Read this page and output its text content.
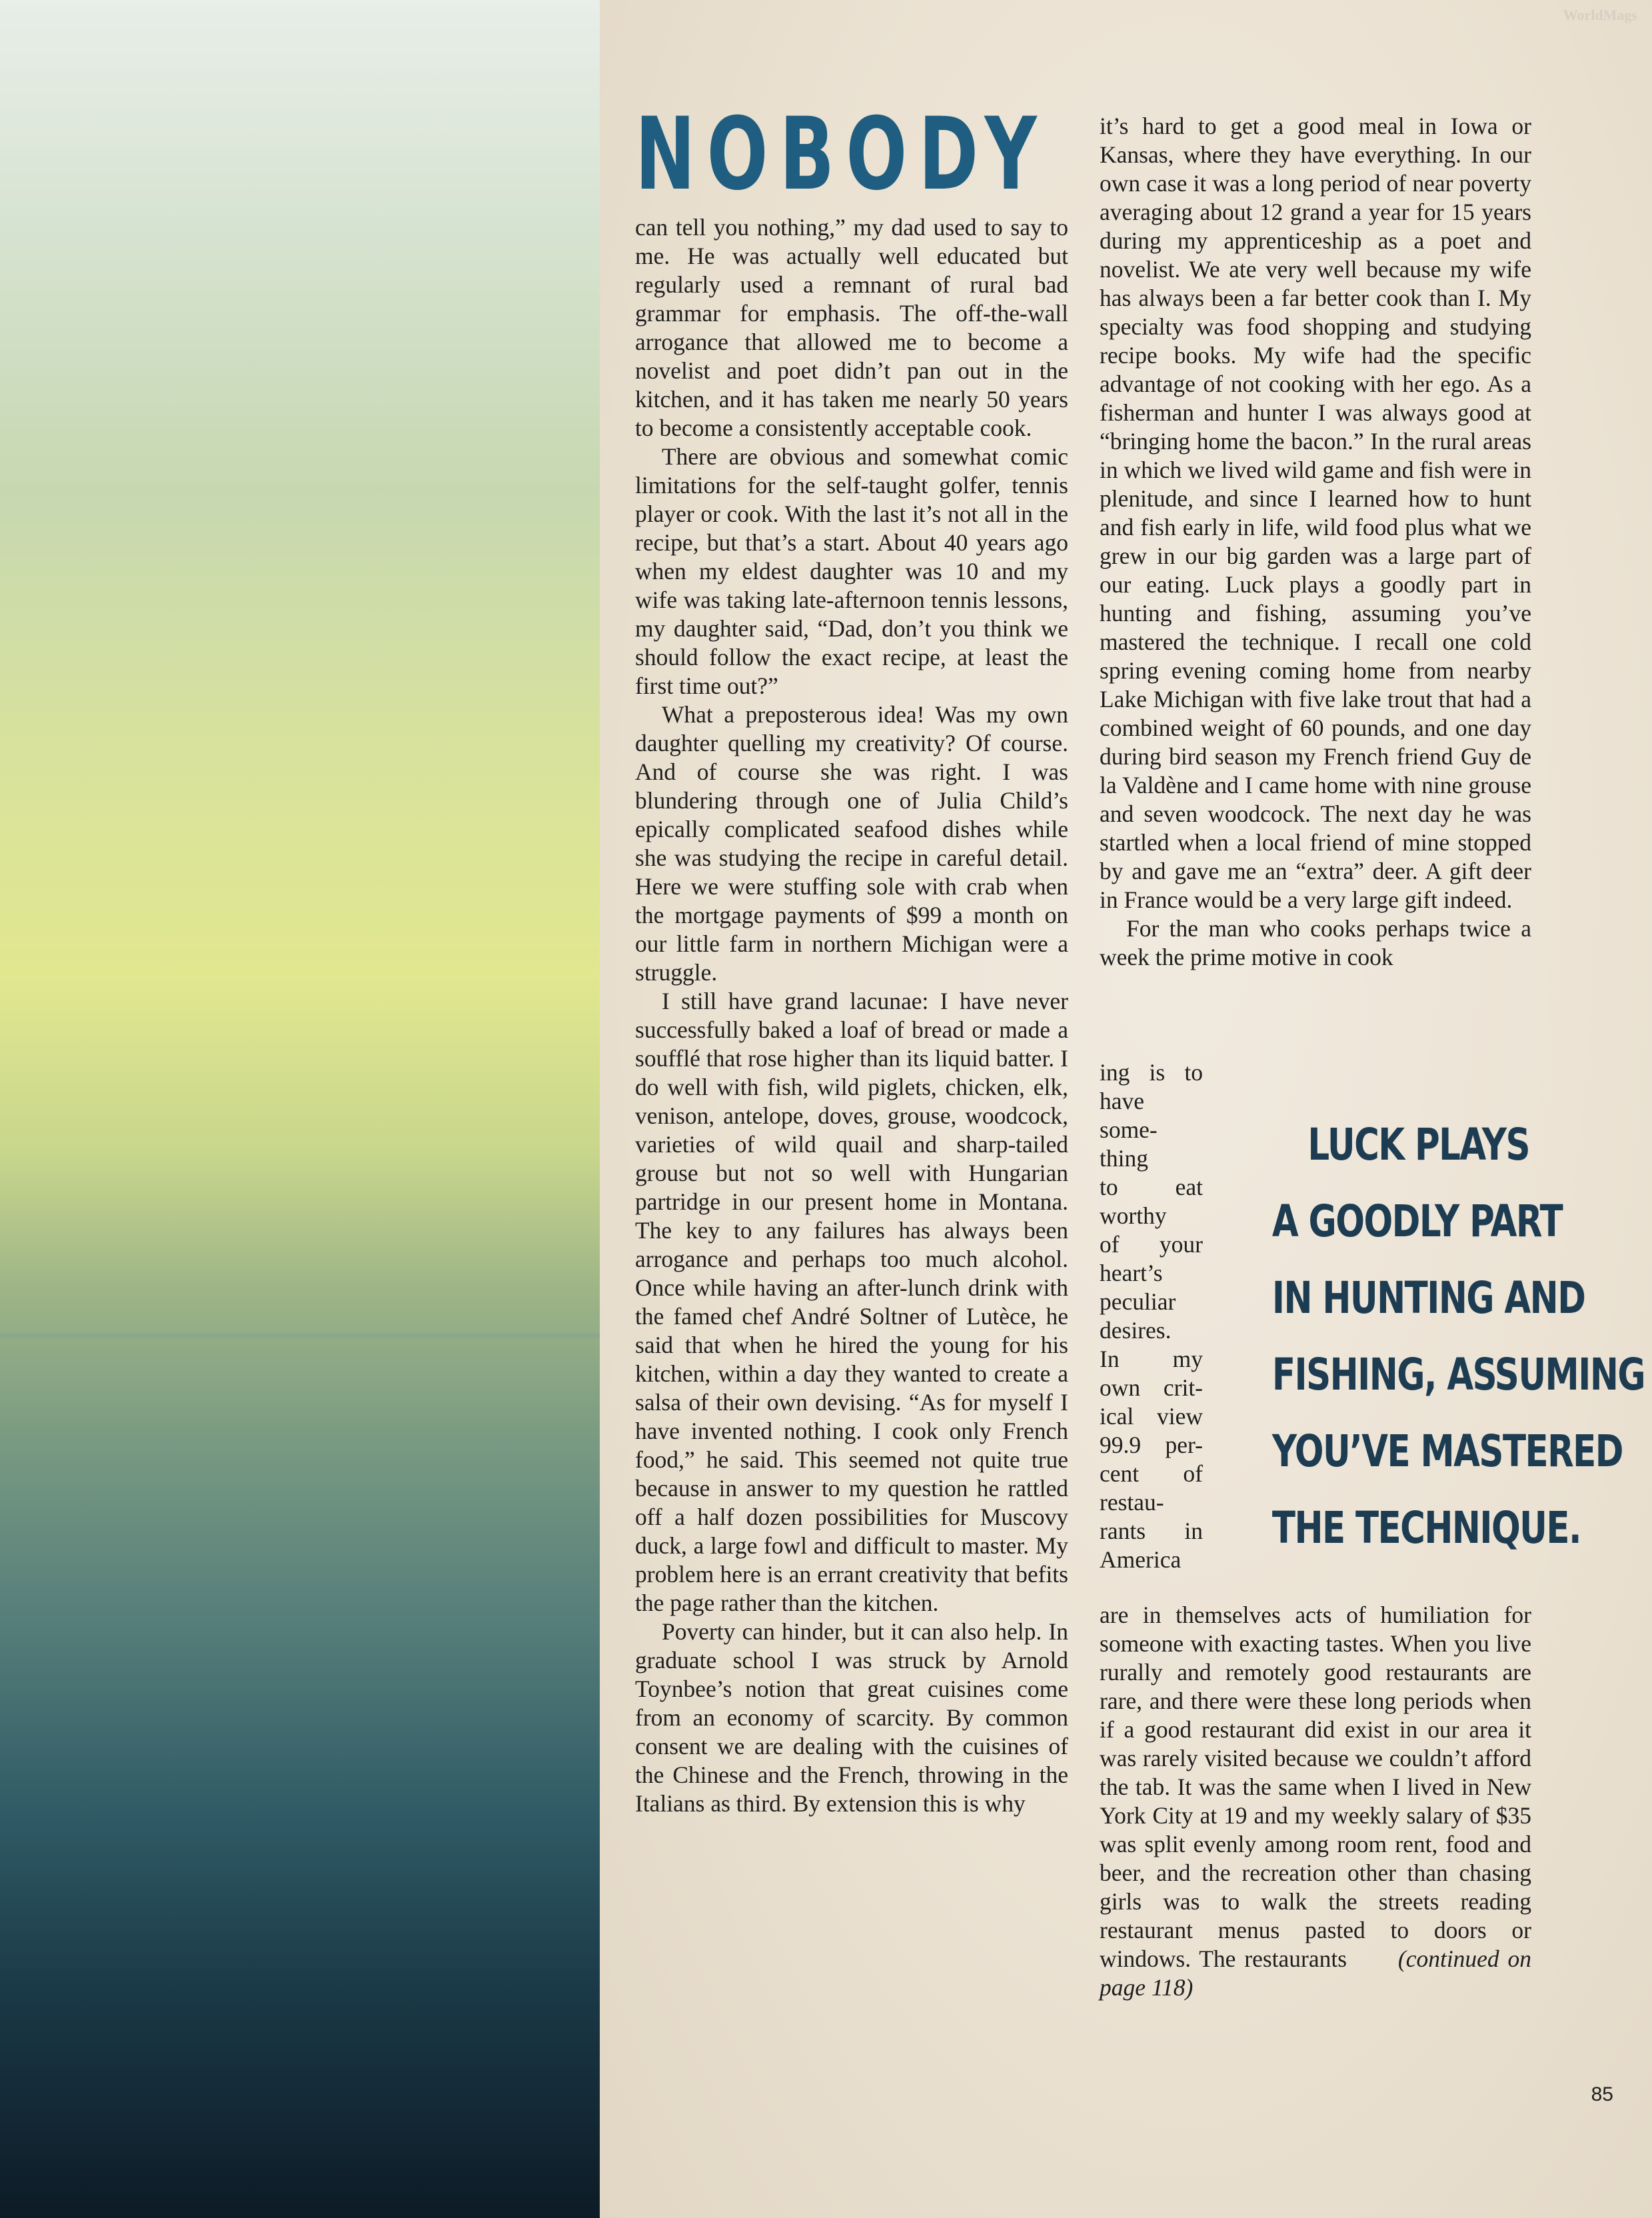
WorldMags
NOBODY

can tell you nothing,” my dad used to say to me. He was actually well educated but regularly used a remnant of rural bad grammar for emphasis. The off-the-wall arrogance that allowed me to become a novelist and poet didn’t pan out in the kitchen, and it has taken me nearly 50 years to become a consistently acceptable cook.

There are obvious and somewhat comic limitations for the self-taught golfer, tennis player or cook. With the last it’s not all in the recipe, but that’s a start. About 40 years ago when my eldest daughter was 10 and my wife was taking late-afternoon tennis lessons, my daughter said, “Dad, don’t you think we should follow the exact recipe, at least the first time out?”

What a preposterous idea! Was my own daughter quelling my creativity? Of course. And of course she was right. I was blundering through one of Julia Child’s epically complicated seafood dishes while she was studying the recipe in careful detail. Here we were stuffing sole with crab when the mortgage payments of $99 a month on our little farm in northern Michigan were a struggle.

I still have grand lacunae: I have never successfully baked a loaf of bread or made a soufflé that rose higher than its liquid batter. I do well with fish, wild piglets, chicken, elk, venison, antelope, doves, grouse, woodcock, varieties of wild quail and sharp-tailed grouse but not so well with Hungarian partridge in our present home in Montana. The key to any failures has always been arrogance and perhaps too much alcohol. Once while having an after-lunch drink with the famed chef André Soltner of Lutèce, he said that when he hired the young for his kitchen, within a day they wanted to create a salsa of their own devising. “As for myself I have invented nothing. I cook only French food,” he said. This seemed not quite true because in answer to my question he rattled off a half dozen possibilities for Muscovy duck, a large fowl and difficult to master. My problem here is an errant creativity that befits the page rather than the kitchen.

Poverty can hinder, but it can also help. In graduate school I was struck by Arnold Toynbee’s notion that great cuisines come from an economy of scarcity. By common consent we are dealing with the cuisines of the Chinese and the French, throwing in the Italians as third. By extension this is why

it’s hard to get a good meal in Iowa or Kansas, where they have everything. In our own case it was a long period of near poverty averaging about 12 grand a year for 15 years during my apprenticeship as a poet and novelist. We ate very well because my wife has always been a far better cook than I. My specialty was food shopping and studying recipe books. My wife had the specific advantage of not cooking with her ego. As a fisherman and hunter I was always good at “bringing home the bacon.” In the rural areas in which we lived wild game and fish were in plenitude, and since I learned how to hunt and fish early in life, wild food plus what we grew in our big garden was a large part of our eating. Luck plays a goodly part in hunting and fishing, assuming you’ve mastered the technique. I recall one cold spring evening coming home from nearby Lake Michigan with five lake trout that had a combined weight of 60 pounds, and one day during bird season my French friend Guy de la Valdène and I came home with nine grouse and seven woodcock. The next day he was startled when a local friend of mine stopped by and gave me an “extra” deer. A gift deer in France would be a very large gift indeed.

For the man who cooks perhaps twice a week the prime motive in cook

ing is to
have
some-
thing
to eat
worthy
of your
heart’s
peculiar
desires.
In my
own crit-
ical view
99.9 per-
cent of
restau-
rants in
America
LUCK PLAYS
A GOODLY PART
IN HUNTING AND
FISHING, ASSUMING
YOU’VE MASTERED
THE TECHNIQUE.

are in themselves acts of humiliation for someone with exacting tastes. When you live rurally and remotely good restaurants are rare, and there were these long periods when if a good restaurant did exist in our area it was rarely visited because we couldn’t afford the tab. It was the same when I lived in New York City at 19 and my weekly salary of $35 was split evenly among room rent, food and beer, and the recreation other than chasing girls was to walk the streets reading restaurant menus pasted to doors or windows. The restaurants (continued on page 118)

85
